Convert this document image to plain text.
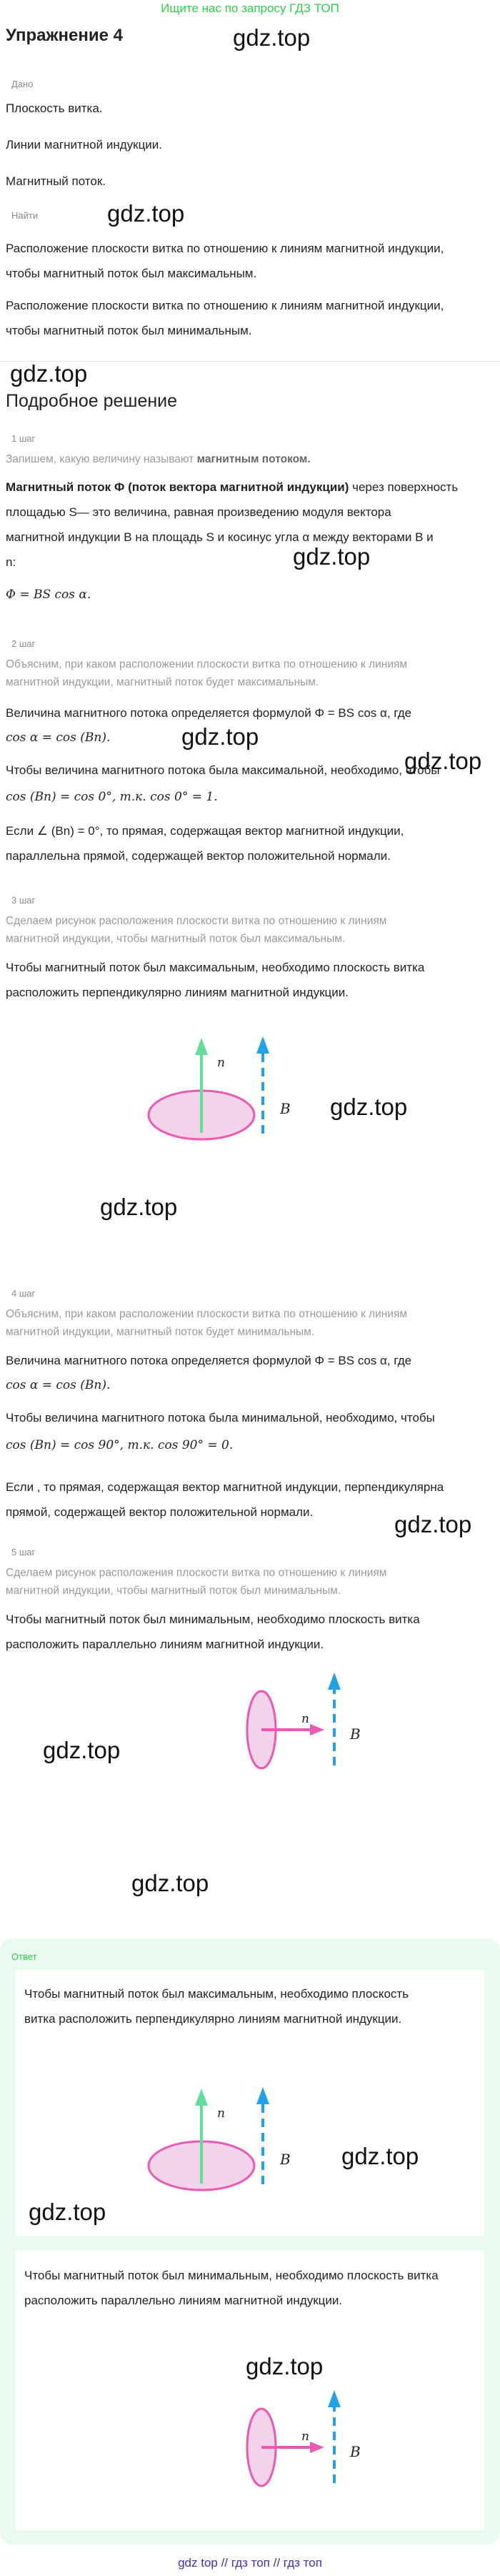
Ищите нас по запросу ГДЗ ТОП
Упражнение 4	gdz.top
Дано
Плоскость витка.
Линии магнитной индукции.
Магнитный поток.
Найти	gdz.top
Расположение плоскости витка по отношению к линиям магнитной индукции,
чтобы магнитный поток был максимальным.
Расположение плоскости витка по отношению к линиям магнитной индукции,
чтобы магнитный поток был минимальным.
gdz.top
Подробное решение
1 шаг
Запишем, какую величину называют магнитным потоком.
Магнитный поток Ф (поток вектора магнитной индукции) через поверхность
площадью S— это величина, равная произведению модуля вектора
магнитной индукции B на площадь S и косинус угла α между векторами B и
n:	gdz.top
Φ = BS cos α.
2 шаг
Объясним, при каком расположении плоскости витка по отношению к линиям
магнитной индукции, магнитный поток будет максимальным.
Величина магнитного потока определяется формулой Φ = BS cos α, где
cos α = cos (Bn).	gdz.top
Чтобы величина магнитного потока была максимальной, необходимо, чтобы
gdz.top
cos (Bn) = cos 0°, т.к. cos 0° = 1.
Если ∠ (Bn) = 0°, то прямая, содержащая вектор магнитной индукции,
параллельна прямой, содержащей вектор положительной нормали.
3 шаг
Сделаем рисунок расположения плоскости витка по отношению к линиям
магнитной индукции, чтобы магнитный поток был максимальным.
Чтобы магнитный поток был максимальным, необходимо плоскость витка
расположить перпендикулярно линиям магнитной индукции.
n
B gdz.top
gdz.top
4 шаг
Объясним, при каком расположении плоскости витка по отношению к линиям
магнитной индукции, магнитный поток будет минимальным.
Величина магнитного потока определяется формулой Φ = BS cos α, где
cos α = cos (Bn).
Чтобы величина магнитного потока была минимальной, необходимо, чтобы
cos (Bn) = cos 90°, т.к. cos 90° = 0.
Если , то прямая, содержащая вектор магнитной индукции, перпендикулярна
прямой, содержащей вектор положительной нормали.	gdz.top
5 шаг
Сделаем рисунок расположения плоскости витка по отношению к линиям
магнитной индукции, чтобы магнитный поток был минимальным.
Чтобы магнитный поток был минимальным, необходимо плоскость витка
расположить параллельно линиям магнитной индукции.
n
B
gdz.top
gdz.top
Ответ
Чтобы магнитный поток был максимальным, необходимо плоскость
витка расположить перпендикулярно линиям магнитной индукции.
n
B gdz.top
gdz.top
Чтобы магнитный поток был минимальным, необходимо плоскость витка
расположить параллельно линиям магнитной индукции.
gdz.top
n
B
gdz top // гдз топ // гдз топ
